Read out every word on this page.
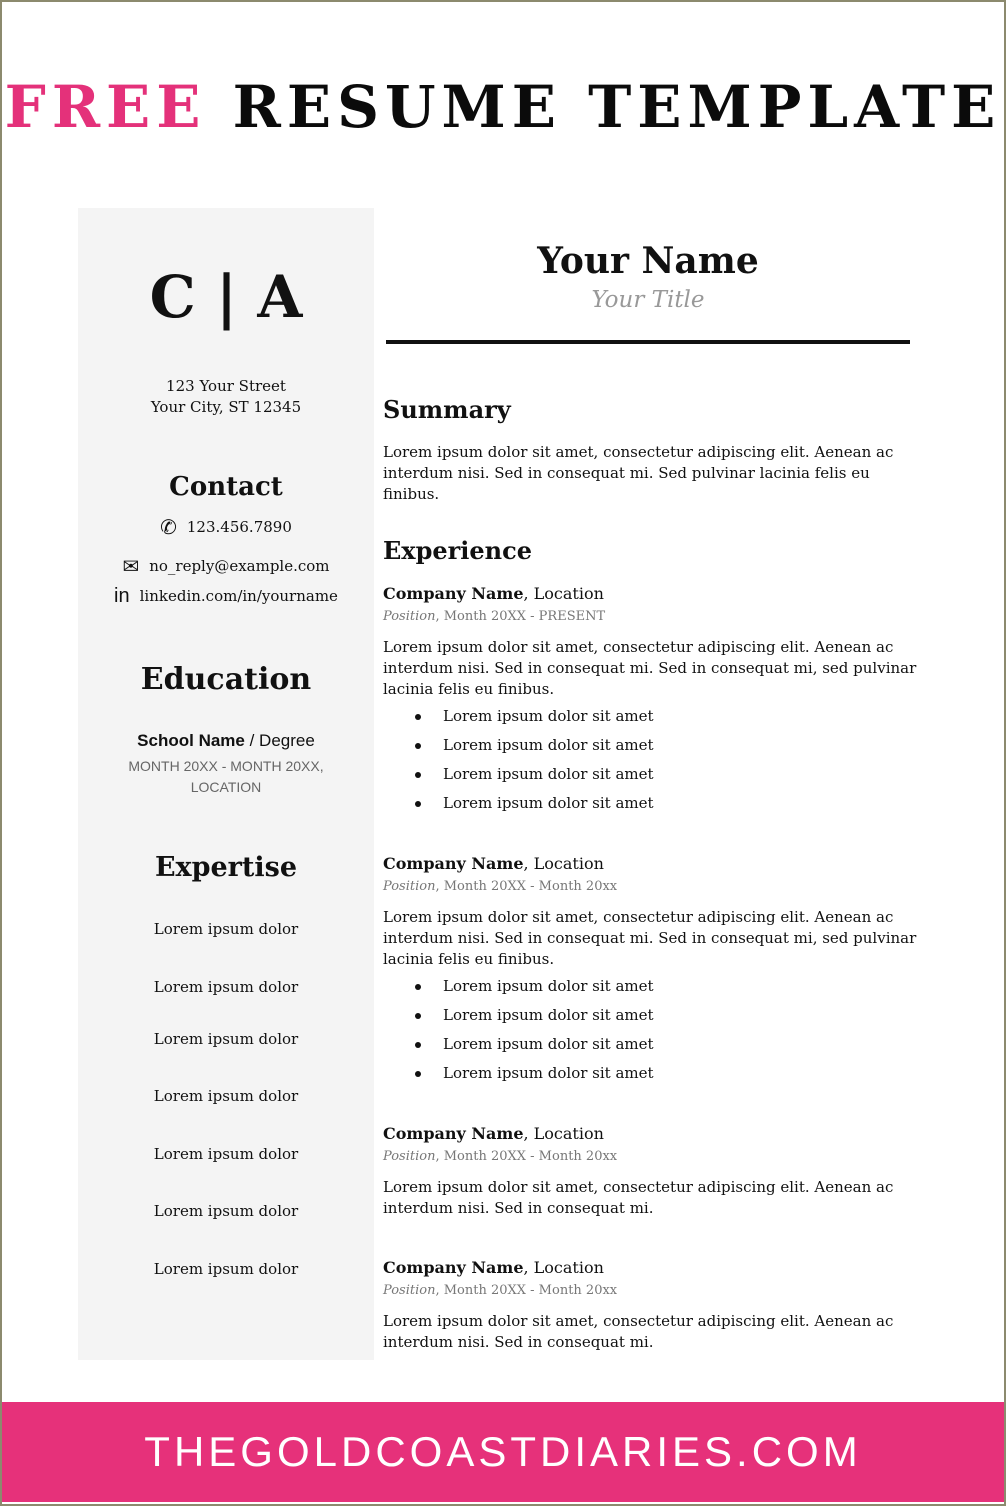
FREE RESUME TEMPLATE
C | A
123 Your Street
Your City, ST 12345
Contact
✆ 123.456.7890
✉ no_reply@example.com
in linkedin.com/in/yourname
Education
School Name / Degree
MONTH 20XX - MONTH 20XX,
LOCATION
Expertise
Lorem ipsum dolor
Lorem ipsum dolor
Lorem ipsum dolor
Lorem ipsum dolor
Lorem ipsum dolor
Lorem ipsum dolor
Lorem ipsum dolor
Your Name
Your Title
Summary
Lorem ipsum dolor sit amet, consectetur adipiscing elit. Aenean ac
interdum nisi. Sed in consequat mi. Sed pulvinar lacinia felis eu finibus.
Experience
Company Name, Location
Position, Month 20XX - PRESENT
Lorem ipsum dolor sit amet, consectetur adipiscing elit. Aenean ac
interdum nisi. Sed in consequat mi. Sed in consequat mi, sed pulvinar
lacinia felis eu finibus.
Lorem ipsum dolor sit amet
Lorem ipsum dolor sit amet
Lorem ipsum dolor sit amet
Lorem ipsum dolor sit amet
Company Name, Location
Position, Month 20XX - Month 20xx
Lorem ipsum dolor sit amet, consectetur adipiscing elit. Aenean ac
interdum nisi. Sed in consequat mi. Sed in consequat mi, sed pulvinar
lacinia felis eu finibus.
Lorem ipsum dolor sit amet
Lorem ipsum dolor sit amet
Lorem ipsum dolor sit amet
Lorem ipsum dolor sit amet
Company Name, Location
Position, Month 20XX - Month 20xx
Lorem ipsum dolor sit amet, consectetur adipiscing elit. Aenean ac
interdum nisi. Sed in consequat mi.
Company Name, Location
Position, Month 20XX - Month 20xx
Lorem ipsum dolor sit amet, consectetur adipiscing elit. Aenean ac
interdum nisi. Sed in consequat mi.
THEGOLDCOASTDIARIES.COM
